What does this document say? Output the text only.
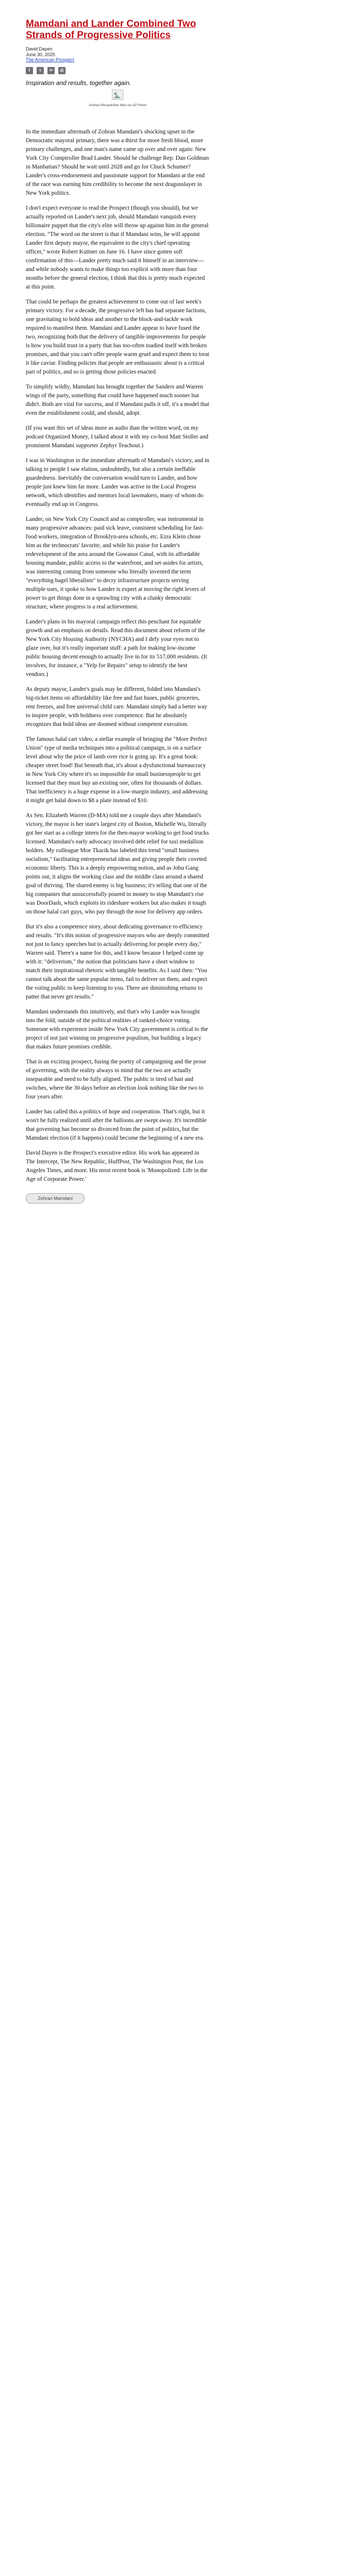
Mamdani and Lander Combined Two Strands of Progressive Politics
David Dayen
June 30, 2025
The American Prospect
f	t	✉	⎙
Inspiration and results, together again.
Andrea Renault/Star Max via AP Photo

In the immediate aftermath of Zohran Mamdani's shocking upset in the Democratic mayoral primary, there was a thirst for more fresh blood, more primary challenges, and one man's name came up over and over again: New York City Comptroller Brad Lander. Should he challenge Rep. Dan Goldman in Manhattan? Should he wait until 2028 and go for Chuck Schumer? Lander's cross-endorsement and passionate support for Mamdani at the end of the race was earning him credibility to become the next dragonslayer in New York politics.

I don't expect everyone to read the Prospect (though you should), but we actually reported on Lander's next job, should Mamdani vanquish every billionaire puppet that the city's elite will throw up against him in the general election. "The word on the street is that if Mamdani wins, he will appoint Lander first deputy mayor, the equivalent to the city's chief operating officer," wrote Robert Kuttner on June 16. I have since gotten soft confirmation of this—Lander pretty much said it himself in an interview—and while nobody wants to make things too explicit with more than four months before the general election, I think that this is pretty much expected at this point.

That could be perhaps the greatest achievement to come out of last week's primary victory. For a decade, the progressive left has had separate factions, one gravitating to bold ideas and another to the block-and-tackle work required to manifest them. Mamdani and Lander appear to have fused the two, recognizing both that the delivery of tangible improvements for people is how you build trust in a party that has too-often toadied itself with broken promises, and that you can't offer people warm gruel and expect them to treat it like caviar. Finding policies that people are enthusiastic about is a critical part of politics, and so is getting those policies enacted.

To simplify wildly, Mamdani has brought together the Sanders and Warren wings of the party, something that could have happened much sooner but didn't. Both are vital for success, and if Mamdani pulls it off, it's a model that even the establishment could, and should, adopt.

(If you want this set of ideas more as audio than the written word, on my podcast Organized Money, I talked about it with my co-host Matt Stoller and prominent Mamdani supporter Zephyr Teachout.)

I was in Washington in the immediate aftermath of Mamdani's victory, and in talking to people I saw elation, undoubtedly, but also a certain ineffable guardedness. Inevitably the conversation would turn to Lander, and how people just knew him far more. Lander was active in the Local Progress network, which identifies and mentors local lawmakers, many of whom do eventually end up in Congress.

Lander, on New York City Council and as comptroller, was instrumental in many progressive advances: paid sick leave, consistent scheduling for fast-food workers, integration of Brooklyn-area schools, etc. Ezra Klein chose him as the technocrats' favorite, and while his praise for Lander's redevelopment of the area around the Gowanus Canal, with its affordable housing mandate, public access to the waterfront, and set-asides for artists, was interesting coming from someone who literally invented the term "everything bagel liberalism" to decry infrastructure projects serving multiple uses, it spoke to how Lander is expert at moving the right levers of power to get things done in a sprawling city with a clunky democratic structure, where progress is a real achievement.

Lander's plans in his mayoral campaign reflect this penchant for equitable growth and an emphasis on details. Read this document about reform of the New York City Housing Authority (NYCHA) and I defy your eyes not to glaze over, but it's really important stuff: a path for making low-income public housing decent enough to actually live in for its 517,000 residents. (It involves, for instance, a "Yelp for Repairs" setup to identify the best vendors.)

As deputy mayor, Lander's goals may be different, folded into Mamdani's big-ticket items on affordability like free and fast buses, public groceries, rent freezes, and free universal child care. Mamdani simply had a better way to inspire people, with boldness over competence. But he absolutely recognizes that bold ideas are doomed without competent execution.

The famous halal cart video, a stellar example of bringing the "More Perfect Union" type of media techniques into a political campaign, is on a surface level about why the price of lamb over rice is going up. It's a great hook: cheaper street food! But beneath that, it's about a dysfunctional bureaucracy in New York City where it's so impossible for small businesspeople to get licensed that they must buy an existing one, often for thousands of dollars. That inefficiency is a huge expense in a low-margin industry, and addressing it might get halal down to $8 a plate instead of $10.

As Sen. Elizabeth Warren (D-MA) told me a couple days after Mamdani's victory, the mayor is her state's largest city of Boston, Michelle Wu, literally got her start as a college intern for the then-mayor working to get food trucks licensed. Mamdani's early advocacy involved debt relief for taxi medallion holders. My colleague Moe Tkacik has labeled this trend "small business socialism," facilitating entrepreneurial ideas and giving people their coveted economic liberty. This is a deeply empowering notion, and as Jobu Gang points out, it aligns the working class and the middle class around a shared goal of thriving. The shared enemy is big business; it's telling that one of the big companies that unsuccessfully poured in money to stop Mamdani's rise was DoorDash, which exploits its rideshare workers but also makes it tough on those halal cart guys, who pay through the nose for delivery app orders.

But it's also a competence story, about dedicating governance to efficiency and results. "It's this notion of progressive mayors who are deeply committed not just to fancy speeches but to actually delivering for people every day," Warren said. There's a name for this, and I know because I helped come up with it: "deliverism," the notion that politicians have a short window to match their inspirational rhetoric with tangible benefits. As I said then: "You cannot talk about the same popular items, fail to deliver on them, and expect the voting public to keep listening to you. There are diminishing returns to patter that never get results."

Mamdani understands this intuitively, and that's why Lander was brought into the fold, outside of the political realities of ranked-choice voting. Someone with experience inside New York City government is critical to the project of not just winning on progressive populism, but building a legacy that makes future promises credible.

That is an exciting prospect, fusing the poetry of campaigning and the prose of governing, with the reality always in mind that the two are actually inseparable and need to be fully aligned. The public is tired of bait and switches, where the 30 days before an election look nothing like the two to four years after.

Lander has called this a politics of hope and cooperation. That's right, but it won't be fully realized until after the balloons are swept away. It's incredible that governing has become so divorced from the point of politics, but the Mamdani election (if it happens) could become the beginning of a new era.

David Dayen is the Prospect's executive editor. His work has appeared in The Intercept, The New Republic, HuffPost, The Washington Post, the Los Angeles Times, and more. His most recent book is 'Monopolized: Life in the Age of Corporate Power.'

Zohran Mamdani
